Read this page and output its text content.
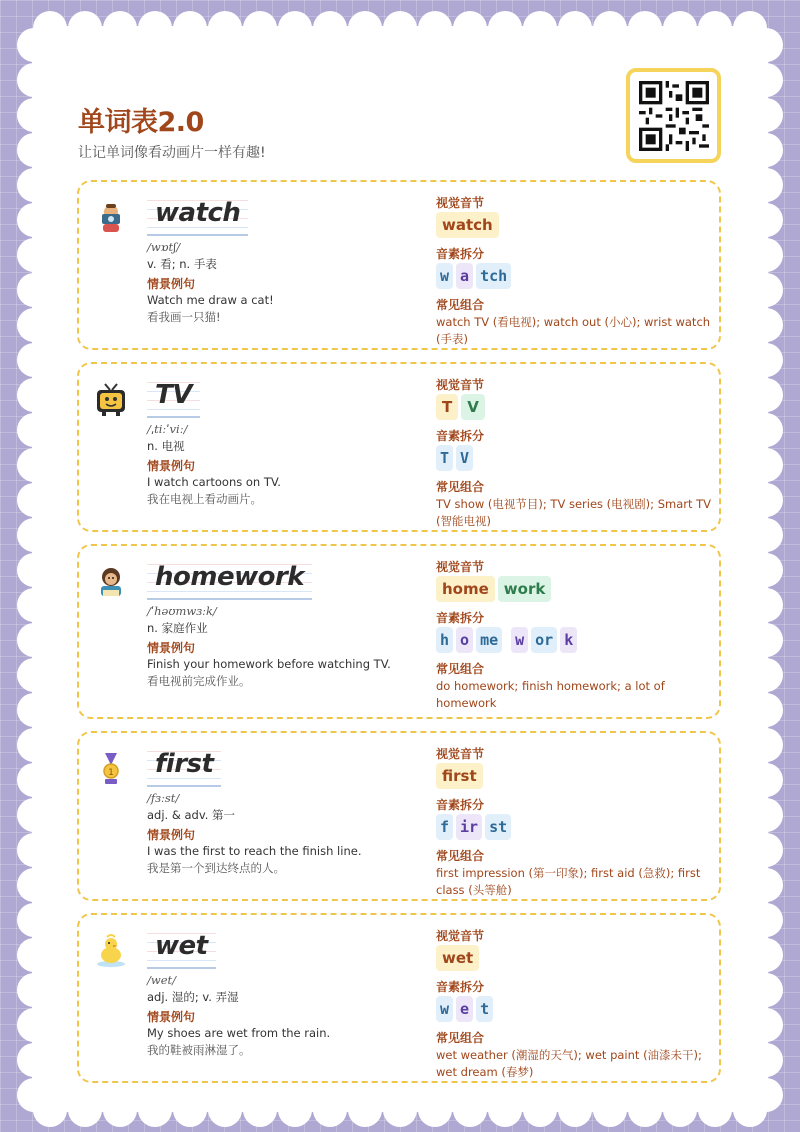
单词表2.0
让记单词像看动画片一样有趣!
watch
/wɒtʃ/
v. 看; n. 手表
情景例句
Watch me draw a cat!
看我画一只猫!
视觉音节
watch
音素拆分
w a tch
常见组合
watch TV (看电视); watch out (小心); wrist watch (手表)
TV
/ˌtiːˈviː/
n. 电视
情景例句
I watch cartoons on TV.
我在电视上看动画片。
视觉音节
T	V
音素拆分
T V
常见组合
TV show (电视节目); TV series (电视剧); Smart TV (智能电视)
homework
/ˈhəʊmwɜːk/
n. 家庭作业
情景例句
Finish your homework before watching TV.
看电视前完成作业。
视觉音节
home	work
音素拆分
h o me w or k
常见组合
do homework; finish homework; a lot of homework
1	first
/fɜːst/
adj. & adv. 第一
情景例句
I was the first to reach the finish line.
我是第一个到达终点的人。
视觉音节
first
音素拆分
f ir st
常见组合
first impression (第一印象); first aid (急救); first class (头等舱)
wet
/wet/
adj. 湿的; v. 弄湿
情景例句
My shoes are wet from the rain.
我的鞋被雨淋湿了。
视觉音节
wet
音素拆分
w e t
常见组合
wet weather (潮湿的天气); wet paint (油漆未干); wet dream (春梦)
